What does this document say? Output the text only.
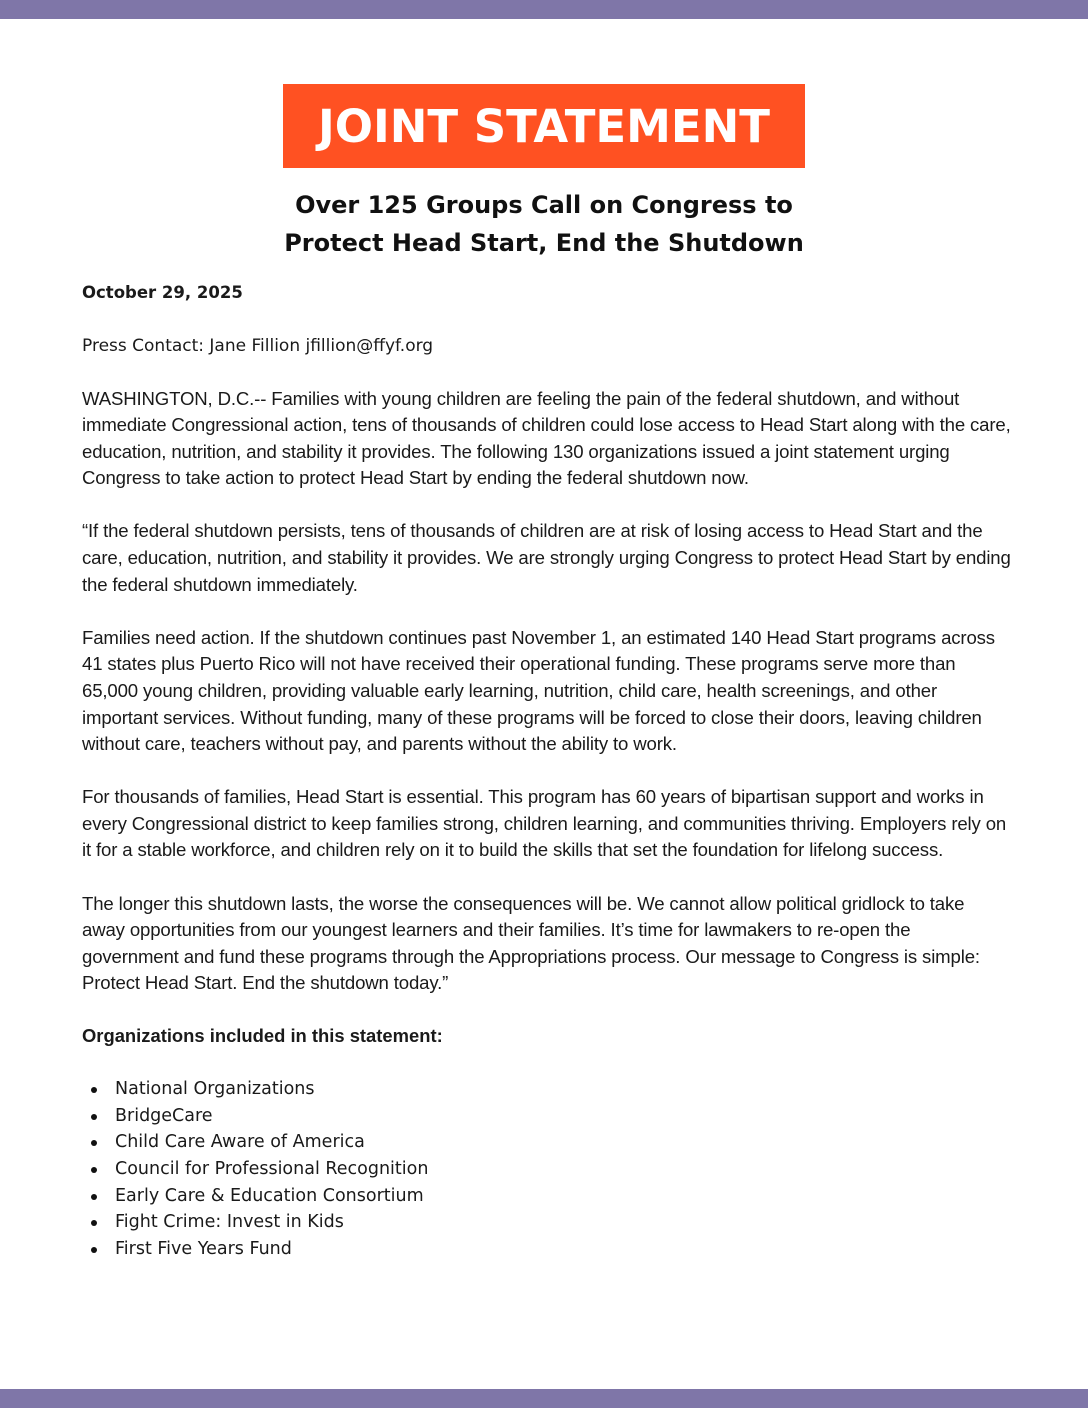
JOINT STATEMENT
Over 125 Groups Call on Congress to
Protect Head Start, End the Shutdown
October 29, 2025
Press Contact: Jane Fillion jfillion@ffyf.org

WASHINGTON, D.C.-- Families with young children are feeling the pain of the federal shutdown, and without immediate Congressional action, tens of thousands of children could lose access to Head Start along with the care, education, nutrition, and stability it provides. The following 130 organizations issued a joint statement urging Congress to take action to protect Head Start by ending the federal shutdown now.

“If the federal shutdown persists, tens of thousands of children are at risk of losing access to Head Start and the care, education, nutrition, and stability it provides. We are strongly urging Congress to protect Head Start by ending the federal shutdown immediately.

Families need action. If the shutdown continues past November 1, an estimated 140 Head Start programs across 41 states plus Puerto Rico will not have received their operational funding. These programs serve more than 65,000 young children, providing valuable early learning, nutrition, child care, health screenings, and other important services. Without funding, many of these programs will be forced to close their doors, leaving children without care, teachers without pay, and parents without the ability to work.

For thousands of families, Head Start is essential. This program has 60 years of bipartisan support and works in every Congressional district to keep families strong, children learning, and communities thriving. Employers rely on it for a stable workforce, and children rely on it to build the skills that set the foundation for lifelong success.

The longer this shutdown lasts, the worse the consequences will be. We cannot allow political gridlock to take away opportunities from our youngest learners and their families. It’s time for lawmakers to re-open the government and fund these programs through the Appropriations process. Our message to Congress is simple: Protect Head Start. End the shutdown today.”

Organizations included in this statement:
National Organizations
BridgeCare
Child Care Aware of America
Council for Professional Recognition
Early Care & Education Consortium
Fight Crime: Invest in Kids
First Five Years Fund
